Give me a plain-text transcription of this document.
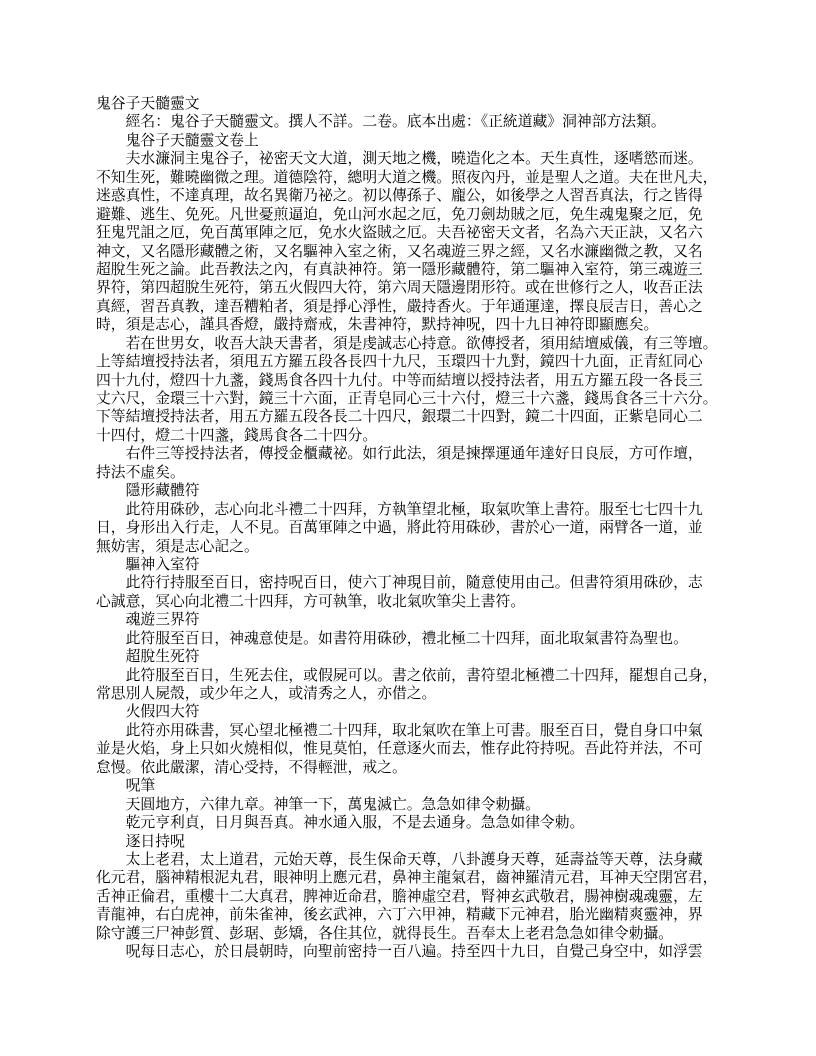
鬼谷子天髓靈文
經名：鬼谷子天髓靈文。撰人不詳。二卷。底本出處：《正統道藏》洞神部方法類。
鬼谷子天髓靈文卷上
夫水濂洞主鬼谷子，祕密天文大道，測天地之機，曉造化之本。天生真性，逐嗜慾而迷。
不知生死，難曉幽微之理。道德陰符，總明大道之機。照夜內丹，並是聖人之道。夫在世凡夫，
迷惑真性，不達真理，故名異衛乃祕之。初以傳孫子、龐公，如後學之人習吾真法，行之皆得
避難、逃生、免死。凡世憂煎逼迫，免山河水起之厄，免刀劍劫賊之厄，免生魂鬼聚之厄，免
狂鬼咒詛之厄，免百萬軍陣之厄，免水火盜賊之厄。夫吾祕密天文者，名為六天正訣，又名六
神文，又名隱形藏體之術，又名驅神入室之術，又名魂遊三界之經，又名水濂幽微之教，又名
超脫生死之論。此吾教法之內，有真訣神符。第一隱形藏體符，第二驅神入室符，第三魂遊三
界符，第四超脫生死符，第五火假四大符，第六周天隱邊閉形符。或在世修行之人，收吾正法
真經，習吾真教，達吾糟粕者，須是掙心淨性，嚴持香火。于年通運達，擇良辰吉日，善心之
時，須是志心，謹具香燈，嚴持齋戒，朱書神符，默持神呪，四十九日神符即顯應矣。
若在世男女，收吾大訣天書者，須是虔誠志心持意。欲傳授者，須用結壇威儀，有三等壇。
上等結壇授持法者，須甩五方羅五段各長四十九尺，玉環四十九對，鏡四十九面，正青紅同心
四十九付，燈四十九盞，錢馬食各四十九付。中等而結壇以授持法者，用五方羅五段一各長三
丈六尺，金環三十六對，鏡三十六面，正青皂同心三十六付，燈三十六盞，錢馬食各三十六分。
下等結壇授持法者，用五方羅五段各長二十四尺，銀環二十四對，鏡二十四面，正紫皂同心二
十四付，燈二十四盞，錢馬食各二十四分。
右件三等授持法者，傳授金櫃藏祕。如行此法，須是揀擇運通年達好日良辰，方可作壇，
持法不虛矣。
隱形藏體符
此符用硃砂，志心向北斗禮二十四拜，方執筆望北極，取氣吹筆上書符。服至七七四十九
日，身形出入行走，人不見。百萬軍陣之中過，將此符用硃砂，書於心一道，兩臂各一道，並
無妨害，須是志心記之。
驅神入室符
此符行持服至百日，密持呪百日，使六丁神現目前，隨意使用由己。但書符須用硃砂，志
心誠意，冥心向北禮二十四拜，方可執筆，收北氣吹筆尖上書符。
魂遊三界符
此符服至百日，神魂意使是。如書符用硃砂，禮北極二十四拜，面北取氣書符為聖也。
超脫生死符
此符服至百日，生死去住，或假屍可以。書之依前，書符望北極禮二十四拜，罷想自己身，
常思別人屍殼，或少年之人，或清秀之人，亦借之。
火假四大符
此符亦用硃書，冥心望北極禮二十四拜，取北氣吹在筆上可書。服至百日，覺自身口中氣
並是火焰，身上只如火燒相似，惟見莫怕，任意逐火而去，惟存此符持呪。吾此符并法，不可
怠慢。依此嚴潔，清心受持，不得輕泄，戒之。
呪筆
天圓地方，六律九章。神筆一下，萬鬼滅亡。急急如律令勅攝。
乾元亨利貞，日月與吾真。神水通入服，不是去通身。急急如律令勅。
逐日持呪
太上老君，太上道君，元始天尊，長生保命天尊，八卦護身天尊，延壽益等天尊，法身藏
化元君，腦神精根泥丸君，眼神明上應元君，鼻神主龍氣君，齒神羅清元君，耳神天空閉宮君，
舌神正倫君，重樓十二大真君，脾神近命君，膽神虛空君，腎神玄武敬君，腸神樹魂魂靈，左
青龍神，右白虎神，前朱雀神，後玄武神，六丁六甲神，精藏下元神君，胎光幽精爽靈神，界
除守護三尸神彭質、彭琚、彭矯，各住其位，就得長生。吾奉太上老君急急如律令勅攝。
呪每日志心，於日晨朝時，向聖前密持一百八遍。持至四十九日，自覺己身空中，如浮雲
